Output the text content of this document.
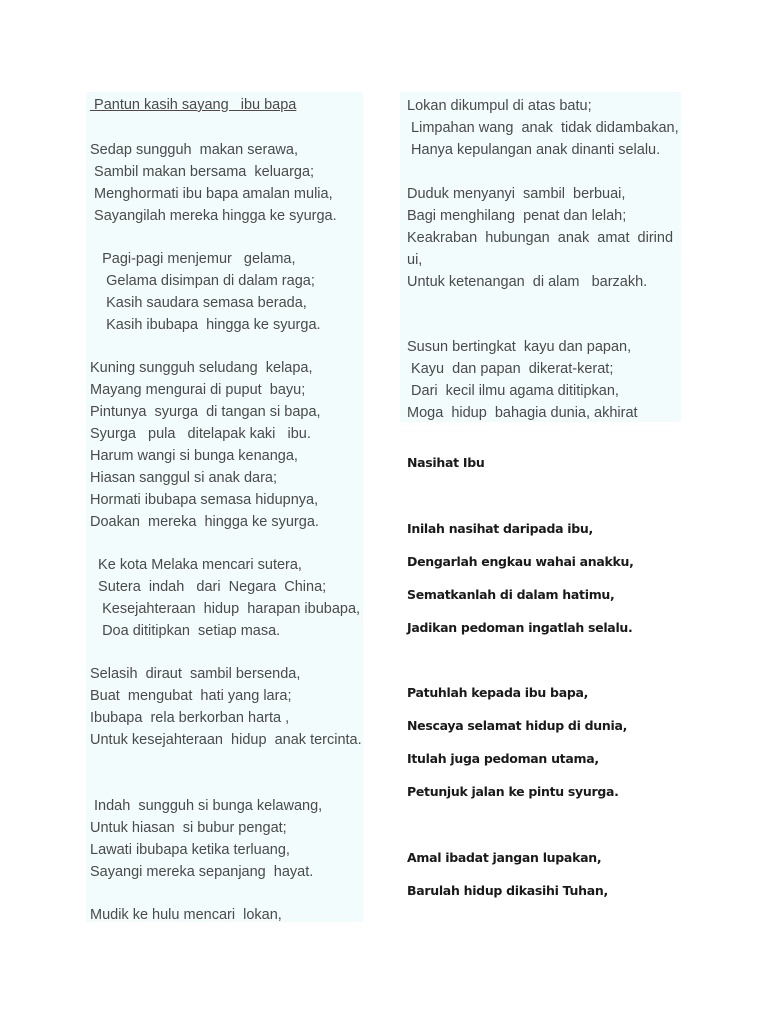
Pantun kasih sayang   ibu bapa
Sedap sungguh  makan serawa,
Sambil makan bersama  keluarga;
Menghormati ibu bapa amalan mulia,
Sayangilah mereka hingga ke syurga.
Pagi-pagi menjemur   gelama,
Gelama disimpan di dalam raga;
Kasih saudara semasa berada,
Kasih ibubapa  hingga ke syurga.
Kuning sungguh seludang  kelapa,
Mayang mengurai di puput  bayu;
Pintunya  syurga  di tangan si bapa,
Syurga   pula   ditelapak kaki   ibu.
Harum wangi si bunga kenanga,
Hiasan sanggul si anak dara;
Hormati ibubapa semasa hidupnya,
Doakan  mereka  hingga ke syurga.
Ke kota Melaka mencari sutera,
Sutera  indah   dari  Negara  China;
Kesejahteraan  hidup  harapan ibubapa,
Doa dititipkan  setiap masa.
Selasih  diraut  sambil bersenda,
Buat  mengubat  hati yang lara;
Ibubapa  rela berkorban harta ,
Untuk kesejahteraan  hidup  anak tercinta.
Indah  sungguh si bunga kelawang,
Untuk hiasan  si bubur pengat;
Lawati ibubapa ketika terluang,
Sayangi mereka sepanjang  hayat.
Mudik ke hulu mencari  lokan,
Lokan dikumpul di atas batu;
Limpahan wang  anak  tidak didambakan,
Hanya kepulangan anak dinanti selalu.
Duduk menyanyi  sambil  berbuai,
Bagi menghilang  penat dan lelah;
Keakraban  hubungan  anak  amat  dirind
ui,
Untuk ketenangan  di alam   barzakh.
Susun bertingkat  kayu dan papan,
Kayu  dan papan  dikerat-kerat;
Dari  kecil ilmu agama dititipkan,
Moga  hidup  bahagia dunia, akhirat
Nasihat Ibu
Inilah nasihat daripada ibu,
Dengarlah engkau wahai anakku,
Sematkanlah di dalam hatimu,
Jadikan pedoman ingatlah selalu.
Patuhlah kepada ibu bapa,
Nescaya selamat hidup di dunia,
Itulah juga pedoman utama,
Petunjuk jalan ke pintu syurga.
Amal ibadat jangan lupakan,
Barulah hidup dikasihi Tuhan,
